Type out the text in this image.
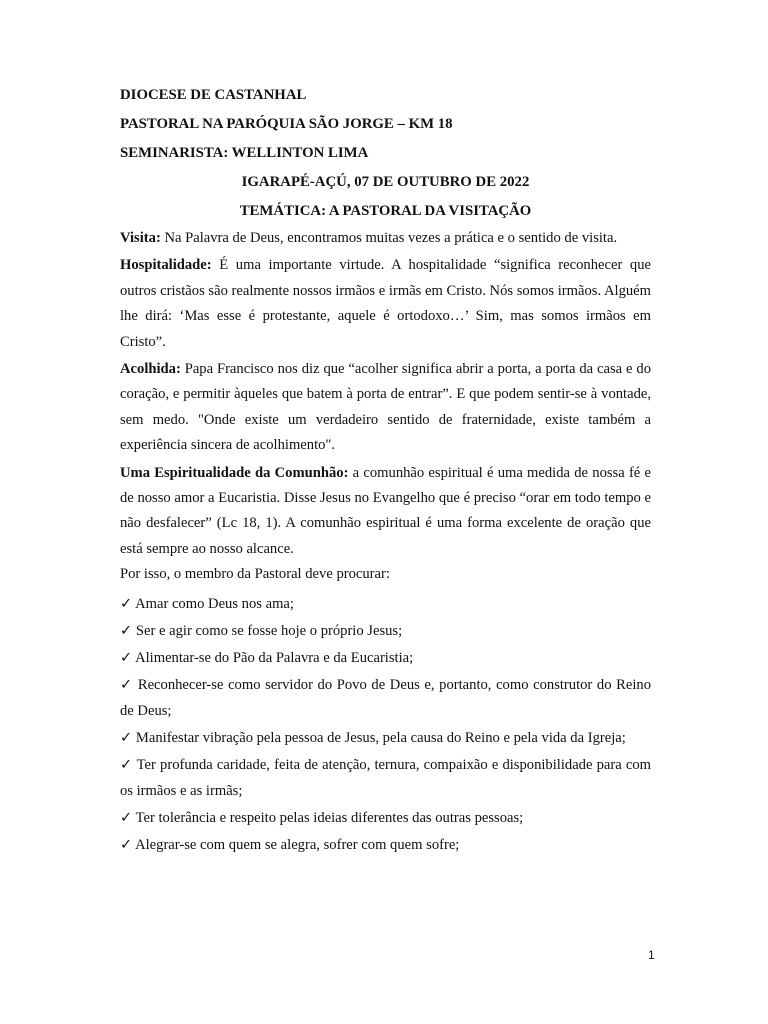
DIOCESE DE CASTANHAL
PASTORAL NA PARÓQUIA SÃO JORGE – KM 18
SEMINARISTA: WELLINTON LIMA
IGARAPÉ-AÇÚ, 07 DE OUTUBRO DE 2022
TEMÁTICA: A PASTORAL DA VISITAÇÃO

Visita: Na Palavra de Deus, encontramos muitas vezes a prática e o sentido de visita.

Hospitalidade: É uma importante virtude. A hospitalidade “significa reconhecer que outros cristãos são realmente nossos irmãos e irmãs em Cristo. Nós somos irmãos. Alguém lhe dirá: ‘Mas esse é protestante, aquele é ortodoxo…’ Sim, mas somos irmãos em Cristo”.

Acolhida: Papa Francisco nos diz que “acolher significa abrir a porta, a porta da casa e do coração, e permitir àqueles que batem à porta de entrar”. E que podem sentir-se à vontade, sem medo. "Onde existe um verdadeiro sentido de fraternidade, existe também a experiência sincera de acolhimento".

Uma Espiritualidade da Comunhão: a comunhão espiritual é uma medida de nossa fé e de nosso amor a Eucaristia. Disse Jesus no Evangelho que é preciso “orar em todo tempo e não desfalecer” (Lc 18, 1). A comunhão espiritual é uma forma excelente de oração que está sempre ao nosso alcance.

Por isso, o membro da Pastoral deve procurar:

✓ Amar como Deus nos ama;

✓ Ser e agir como se fosse hoje o próprio Jesus;

✓ Alimentar-se do Pão da Palavra e da Eucaristia;

✓ Reconhecer-se como servidor do Povo de Deus e, portanto, como construtor do Reino de Deus;

✓ Manifestar vibração pela pessoa de Jesus, pela causa do Reino e pela vida da Igreja;

✓ Ter profunda caridade, feita de atenção, ternura, compaixão e disponibilidade para com os irmãos e as irmãs;

✓ Ter tolerância e respeito pelas ideias diferentes das outras pessoas;

✓ Alegrar-se com quem se alegra, sofrer com quem sofre;

1
